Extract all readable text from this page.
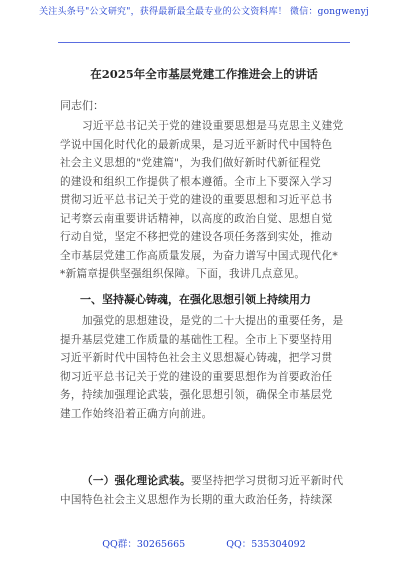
关注头条号"公文研究"，获得最新最全最专业的公文资料库！ 微信：gongwenyj
在2025年全市基层党建工作推进会上的讲话
同志们：
习近平总书记关于党的建设重要思想是马克思主义建党
学说中国化时代化的最新成果，是习近平新时代中国特色
社会主义思想的"党建篇"，为我们做好新时代新征程党
的建设和组织工作提供了根本遵循。全市上下要深入学习
贯彻习近平总书记关于党的建设的重要思想和习近平总书
记考察云南重要讲话精神，以高度的政治自觉、思想自觉
行动自觉，坚定不移把党的建设各项任务落到实处，推动
全市基层党建工作高质量发展，为奋力谱写中国式现代化*
*新篇章提供坚强组织保障。下面，我讲几点意见。
一、坚持凝心铸魂，在强化思想引领上持续用力
加强党的思想建设，是党的二十大提出的重要任务，是
提升基层党建工作质量的基础性工程。全市上下要坚持用
习近平新时代中国特色社会主义思想凝心铸魂，把学习贯
彻习近平总书记关于党的建设的重要思想作为首要政治任
务，持续加强理论武装，强化思想引领，确保全市基层党
建工作始终沿着正确方向前进。
（一）强化理论武装。要坚持把学习贯彻习近平新时代
中国特色社会主义思想作为长期的重大政治任务，持续深
QQ群：30265665	QQ：535304092
